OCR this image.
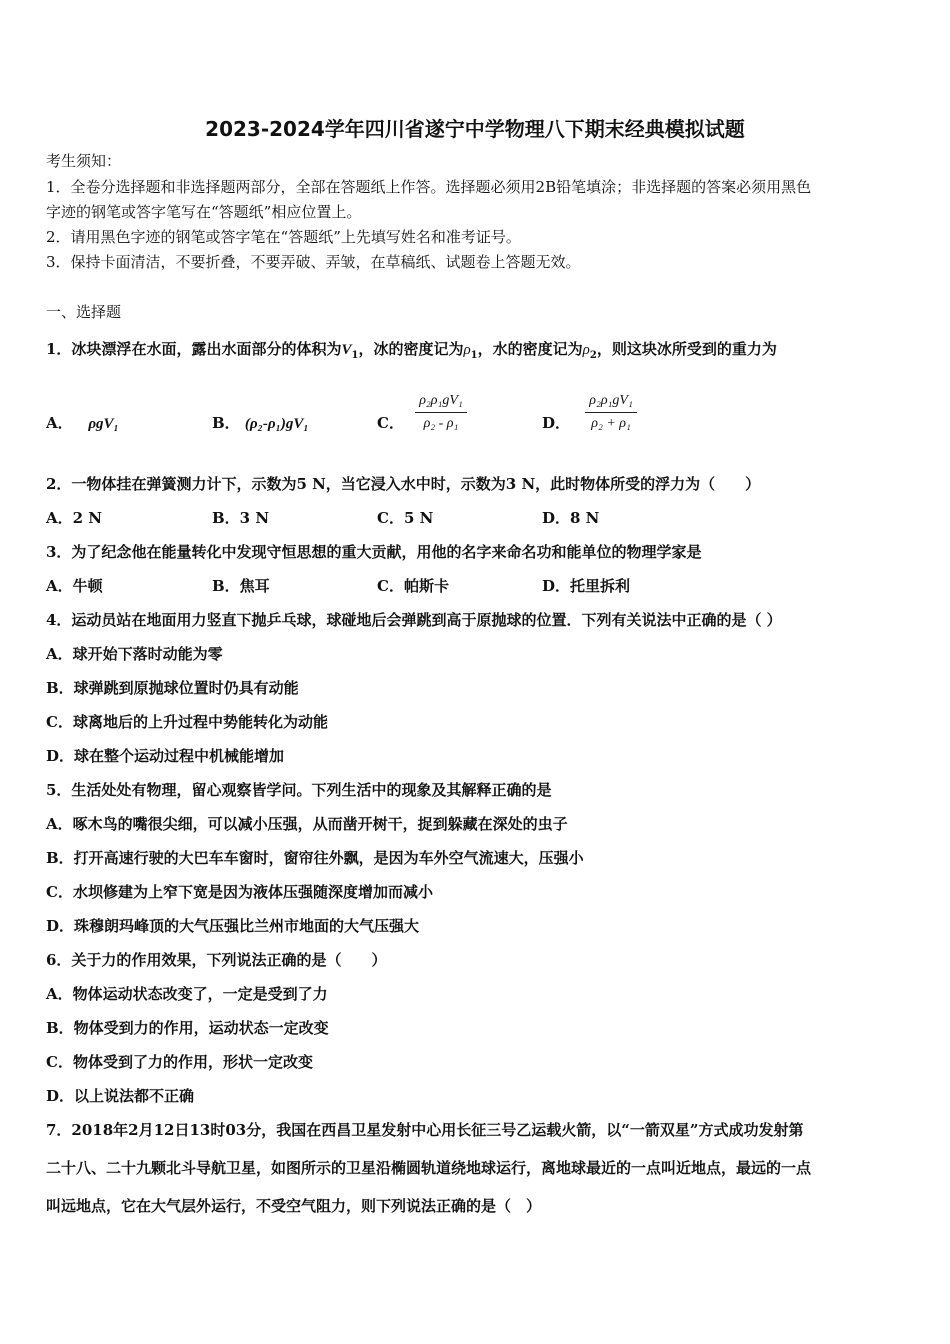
2023-2024学年四川省遂宁中学物理八下期末经典模拟试题
考生须知：
1．全卷分选择题和非选择题两部分，全部在答题纸上作答。选择题必须用2B铅笔填涂；非选择题的答案必须用黑色
字迹的钢笔或答字笔写在“答题纸”相应位置上。
2．请用黑色字迹的钢笔或答字笔在“答题纸”上先填写姓名和准考证号。
3．保持卡面清洁，不要折叠，不要弄破、弄皱，在草稿纸、试题卷上答题无效。
一、选择题
1．冰块漂浮在水面，露出水面部分的体积为$V_1$，冰的密度记为$\rho_1$，水的密度记为$\rho_2$，则这块冰所受到的重力为
A． ρgV₁	B． (ρ₂-ρ₁)gV₁	C． $\frac{\text{ρ₂ρ₁gV₁}}{\text{ρ₂ - ρ₁}}$	D． $\frac{\text{ρ₂ρ₁gV₁}}{\text{ρ₂ + ρ₁}}$
2．一物体挂在弹簧测力计下，示数为5 N，当它浸入水中时，示数为3 N，此时物体所受的浮力为（　　）
A．2 N	B．3 N	C．5 N	D．8 N
3．为了纪念他在能量转化中发现守恒思想的重大贡献，用他的名字来命名功和能单位的物理学家是
A．牛顿	B．焦耳	C．帕斯卡	D．托里拆利
4．运动员站在地面用力竖直下抛乒乓球，球碰地后会弹跳到高于原抛球的位置．下列有关说法中正确的是（ ）
A．球开始下落时动能为零
B．球弹跳到原抛球位置时仍具有动能
C．球离地后的上升过程中势能转化为动能
D．球在整个运动过程中机械能增加
5．生活处处有物理，留心观察皆学问。下列生活中的现象及其解释正确的是
A．啄木鸟的嘴很尖细，可以减小压强，从而凿开树干，捉到躲藏在深处的虫子
B．打开高速行驶的大巴车车窗时，窗帘往外飘，是因为车外空气流速大，压强小
C．水坝修建为上窄下宽是因为液体压强随深度增加而减小
D．珠穆朗玛峰顶的大气压强比兰州市地面的大气压强大
6．关于力的作用效果，下列说法正确的是（　　）
A．物体运动状态改变了，一定是受到了力
B．物体受到力的作用，运动状态一定改变
C．物体受到了力的作用，形状一定改变
D．以上说法都不正确
7．2018年2月12日13时03分，我国在西昌卫星发射中心用长征三号乙运载火箭，以“一箭双星”方式成功发射第
二十八、二十九颗北斗导航卫星，如图所示的卫星沿椭圆轨道绕地球运行，离地球最近的一点叫近地点，最远的一点
叫远地点，它在大气层外运行，不受空气阻力，则下列说法正确的是（　）
